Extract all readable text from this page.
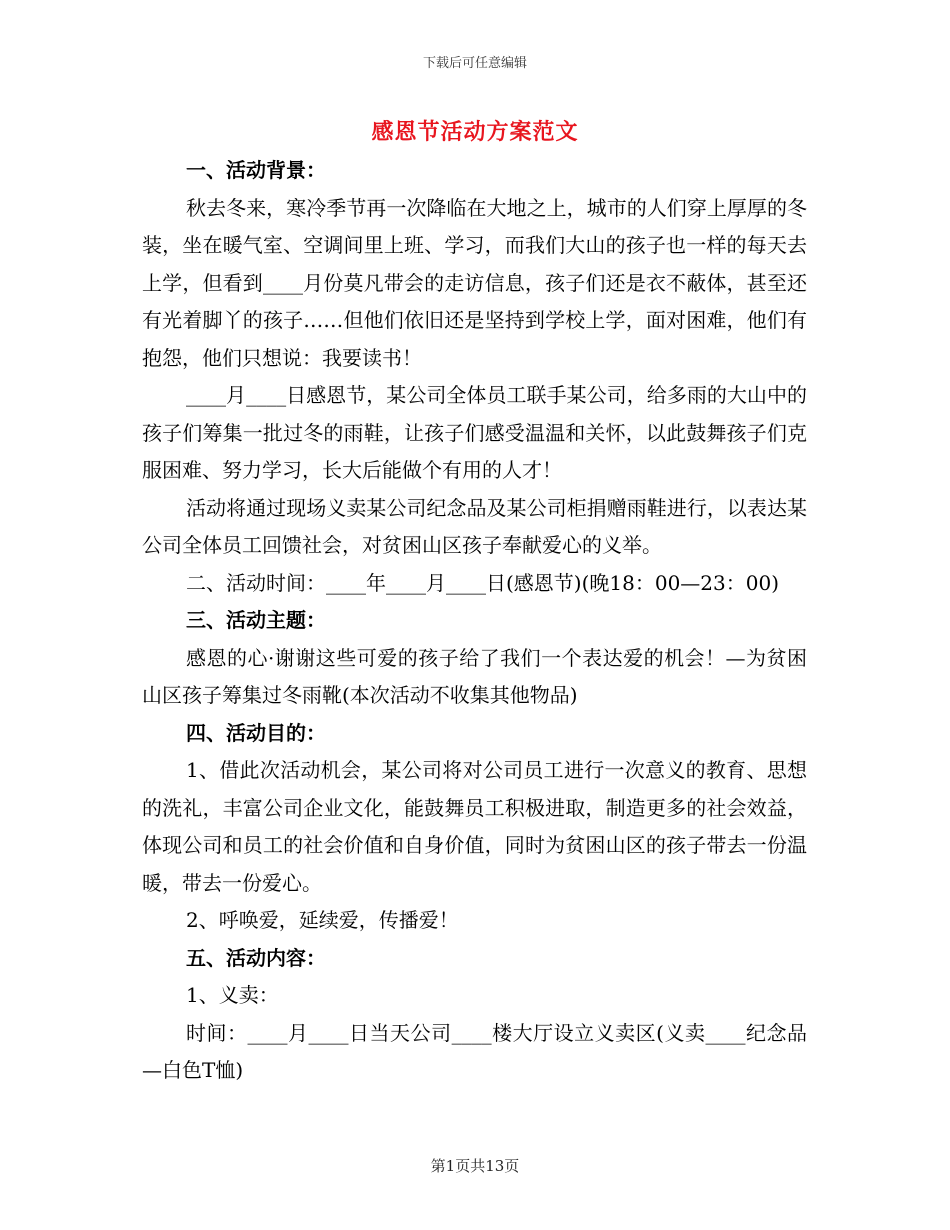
下载后可任意编辑
感恩节活动方案范文

一、活动背景：

秋去冬来，寒冷季节再一次降临在大地之上，城市的人们穿上厚厚的冬装，坐在暖气室、空调间里上班、学习，而我们大山的孩子也一样的每天去上学，但看到____月份莫凡带会的走访信息，孩子们还是衣不蔽体，甚至还有光着脚丫的孩子……但他们依旧还是坚持到学校上学，面对困难，他们有抱怨，他们只想说：我要读书！

____月____日感恩节，某公司全体员工联手某公司，给多雨的大山中的孩子们筹集一批过冬的雨鞋，让孩子们感受温温和关怀，以此鼓舞孩子们克服困难、努力学习，长大后能做个有用的人才！

活动将通过现场义卖某公司纪念品及某公司柜捐赠雨鞋进行，以表达某公司全体员工回馈社会，对贫困山区孩子奉献爱心的义举。

二、活动时间：____年____月____日(感恩节)(晚18：00—23：00)

三、活动主题：

感恩的心·谢谢这些可爱的孩子给了我们一个表达爱的机会！—为贫困山区孩子筹集过冬雨靴(本次活动不收集其他物品)

四、活动目的：

1、借此次活动机会，某公司将对公司员工进行一次意义的教育、思想的洗礼，丰富公司企业文化，能鼓舞员工积极进取，制造更多的社会效益，体现公司和员工的社会价值和自身价值，同时为贫困山区的孩子带去一份温暖，带去一份爱心。

2、呼唤爱，延续爱，传播爱！

五、活动内容：

1、义卖：

时间：____月____日当天公司____楼大厅设立义卖区(义卖____纪念品—白色T恤)

第1页共13页
